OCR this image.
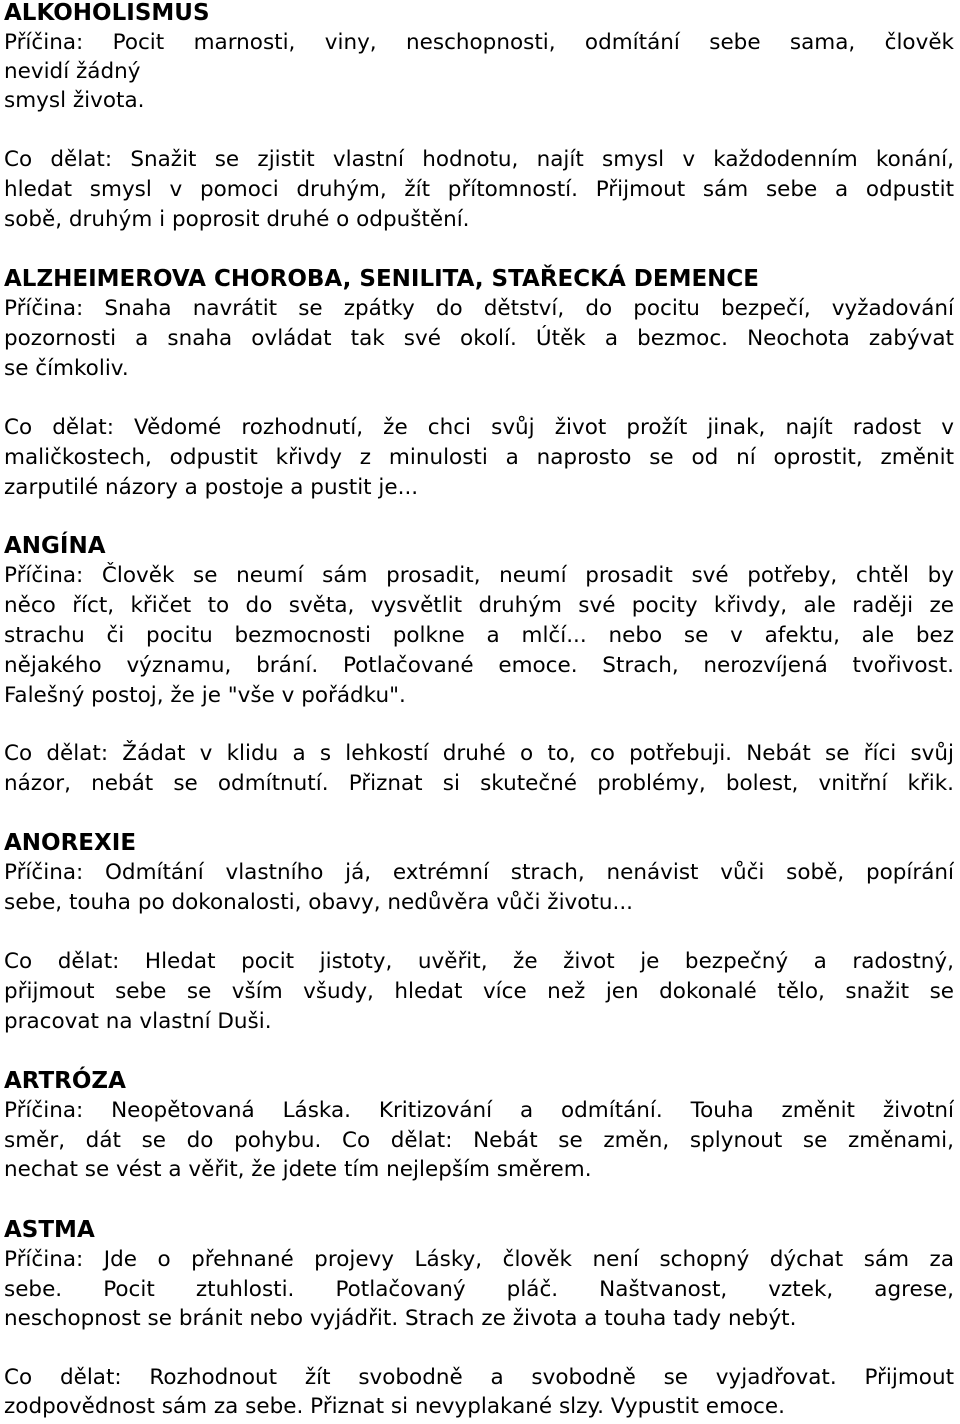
ALKOHOLISMUS
Příčina: Pocit marnosti, viny, neschopnosti, odmítání sebe sama, člověk
nevidí žádný
smysl života.
Co dělat: Snažit se zjistit vlastní hodnotu, najít smysl v každodenním konání,
hledat smysl v pomoci druhým, žít přítomností. Přijmout sám sebe a odpustit
sobě, druhým i poprosit druhé o odpuštění.
ALZHEIMEROVA CHOROBA, SENILITA, STAŘECKÁ DEMENCE
Příčina: Snaha navrátit se zpátky do dětství, do pocitu bezpečí, vyžadování
pozornosti a snaha ovládat tak své okolí. Útěk a bezmoc. Neochota zabývat
se čímkoliv.
Co dělat: Vědomé rozhodnutí, že chci svůj život prožít jinak, najít radost v
maličkostech, odpustit křivdy z minulosti a naprosto se od ní oprostit, změnit
zarputilé názory a postoje a pustit je...
ANGÍNA
Příčina: Člověk se neumí sám prosadit, neumí prosadit své potřeby, chtěl by
něco říct, křičet to do světa, vysvětlit druhým své pocity křivdy, ale raději ze
strachu či pocitu bezmocnosti polkne a mlčí... nebo se v afektu, ale bez
nějakého významu, brání. Potlačované emoce. Strach, nerozvíjená tvořivost.
Falešný postoj, že je "vše v pořádku".
Co dělat: Žádat v klidu a s lehkostí druhé o to, co potřebuji. Nebát se říci svůj
názor, nebát se odmítnutí. Přiznat si skutečné problémy, bolest, vnitřní křik.
ANOREXIE
Příčina: Odmítání vlastního já, extrémní strach, nenávist vůči sobě, popírání
sebe, touha po dokonalosti, obavy, nedůvěra vůči životu...
Co dělat: Hledat pocit jistoty, uvěřit, že život je bezpečný a radostný,
přijmout sebe se vším všudy, hledat více než jen dokonalé tělo, snažit se
pracovat na vlastní Duši.
ARTRÓZA
Příčina: Neopětovaná Láska. Kritizování a odmítání. Touha změnit životní
směr, dát se do pohybu. Co dělat: Nebát se změn, splynout se změnami,
nechat se vést a věřit, že jdete tím nejlepším směrem.
ASTMA
Příčina: Jde o přehnané projevy Lásky, člověk není schopný dýchat sám za
sebe. Pocit ztuhlosti. Potlačovaný pláč. Naštvanost, vztek, agrese,
neschopnost se bránit nebo vyjádřit. Strach ze života a touha tady nebýt.
Co dělat: Rozhodnout žít svobodně a svobodně se vyjadřovat. Přijmout
zodpovědnost sám za sebe. Přiznat si nevyplakané slzy. Vypustit emoce.
